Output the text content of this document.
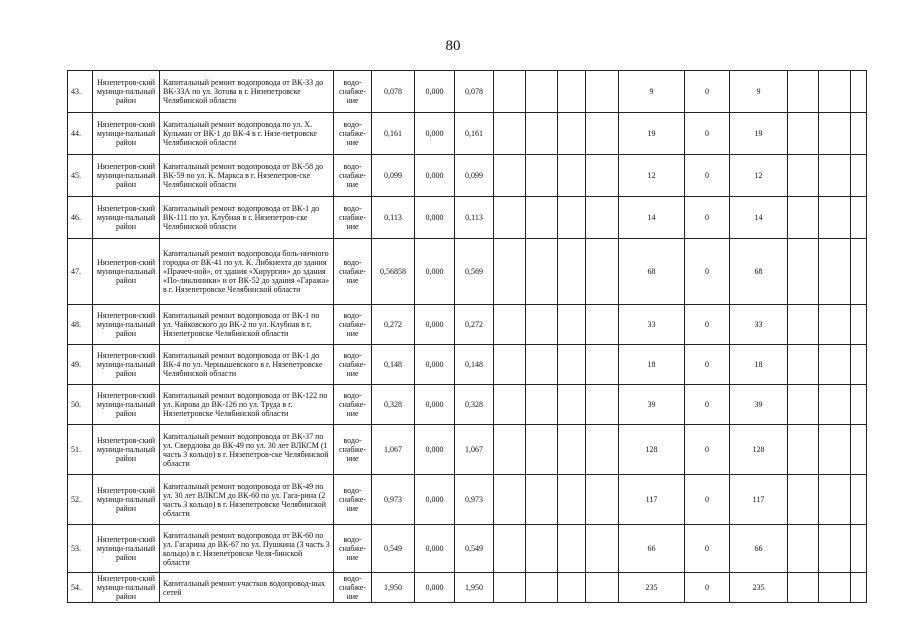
80
43.	Нязепетров-ский муници-пальный район	Капитальный ремонт водопровода от ВК-33 до ВК-33А по ул. Зотова в г. Нязепетровске Челябинской области	водо-снабже-ние	0,078	0,000	0,078					9	0	9			
44.	Нязепетров-ский муници-пальный район	Капитальный ремонт водопровода по ул. Х. Кульман от ВК-1 до ВК-4 в г. Нязе-петровске Челябинской области	водо-снабже-ние	0,161	0,000	0,161					19	0	19			
45.	Нязепетров-ский муници-пальный район	Капитальный ремонт водопровода от ВК-58 до ВК-59 по ул. К. Маркса в г. Нязепетров-ске Челябинской области	водо-снабже-ние	0,099	0,000	0,099					12	0	12			
46.	Нязепетров-ский муници-пальный район	Капитальный ремонт водопровода от ВК-1 до ВК-111 по ул. Клубная в г. Нязепетров-ске Челябинской области	водо-снабже-ние	0,113	0,000	0,113					14	0	14			
47.	Нязепетров-ский муници-пальный район	Капитальный ремонт водопровода боль-ничного городка от ВК-41 по ул. К. Либкнехта до здания «Прачеч-ной», от здания «Хирургии» до здания «По-ликлиники» и от ВК-52 до здания «Гаража» в г. Нязепетровске Челябинской области	водо-снабже-ние	0,56858	0,000	0,569					68	0	68			
48.	Нязепетров-ский муници-пальный район	Капитальный ремонт водопровода от ВК-1 по ул. Чайковского до ВК-2 по ул. Клубная в г. Нязепетровске Челябинской области	водо-снабже-ние	0,272	0,000	0,272					33	0	33			
49.	Нязепетров-ский муници-пальный район	Капитальный ремонт водопровода от ВК-1 до ВК-4 по ул. Чернышевского в г. Нязепетровске Челябинской области	водо-снабже-ние	0,148	0,000	0,148					18	0	18			
50.	Нязепетров-ский муници-пальный район	Капитальный ремонт водопровода от ВК-122 по ул. Кирова до ВК-126 по ул. Труда в г. Нязепетровске Челябинской области	водо-снабже-ние	0,328	0,000	0,328					39	0	39			
51.	Нязепетров-ский муници-пальный район	Капитальный ремонт водопровода от ВК-37 по ул. Свердлова до ВК-49 по ул. 30 лет ВЛКСМ (1 часть 3 кольцо) в г. Нязепетров-ске Челябинской области	водо-снабже-ние	1,067	0,000	1,067					128	0	128			
52.	Нязепетров-ский муници-пальный район	Капитальный ремонт водопровода от ВК-49 по ул. 30 лет ВЛКСМ до ВК-60 по ул. Гага-рина (2 часть 3 кольцо) в г. Нязепетровске Челябинской области	водо-снабже-ние	0,973	0,000	0,973					117	0	117			
53.	Нязепетров-ский муници-пальный район	Капитальный ремонт водопровода от ВК-60 по ул. Гагарина до ВК-67 по ул. Пушкина (3 часть 3 кольцо) в г. Нязепетровске Челя-бинской области	водо-снабже-ние	0,549	0,000	0,549					66	0	66			
54.	Нязепетров-ский муници-пальный район	Капитальный ремонт участков водопровод-ных сетей	водо-снабже-ние	1,950	0,000	1,950					235	0	235			
